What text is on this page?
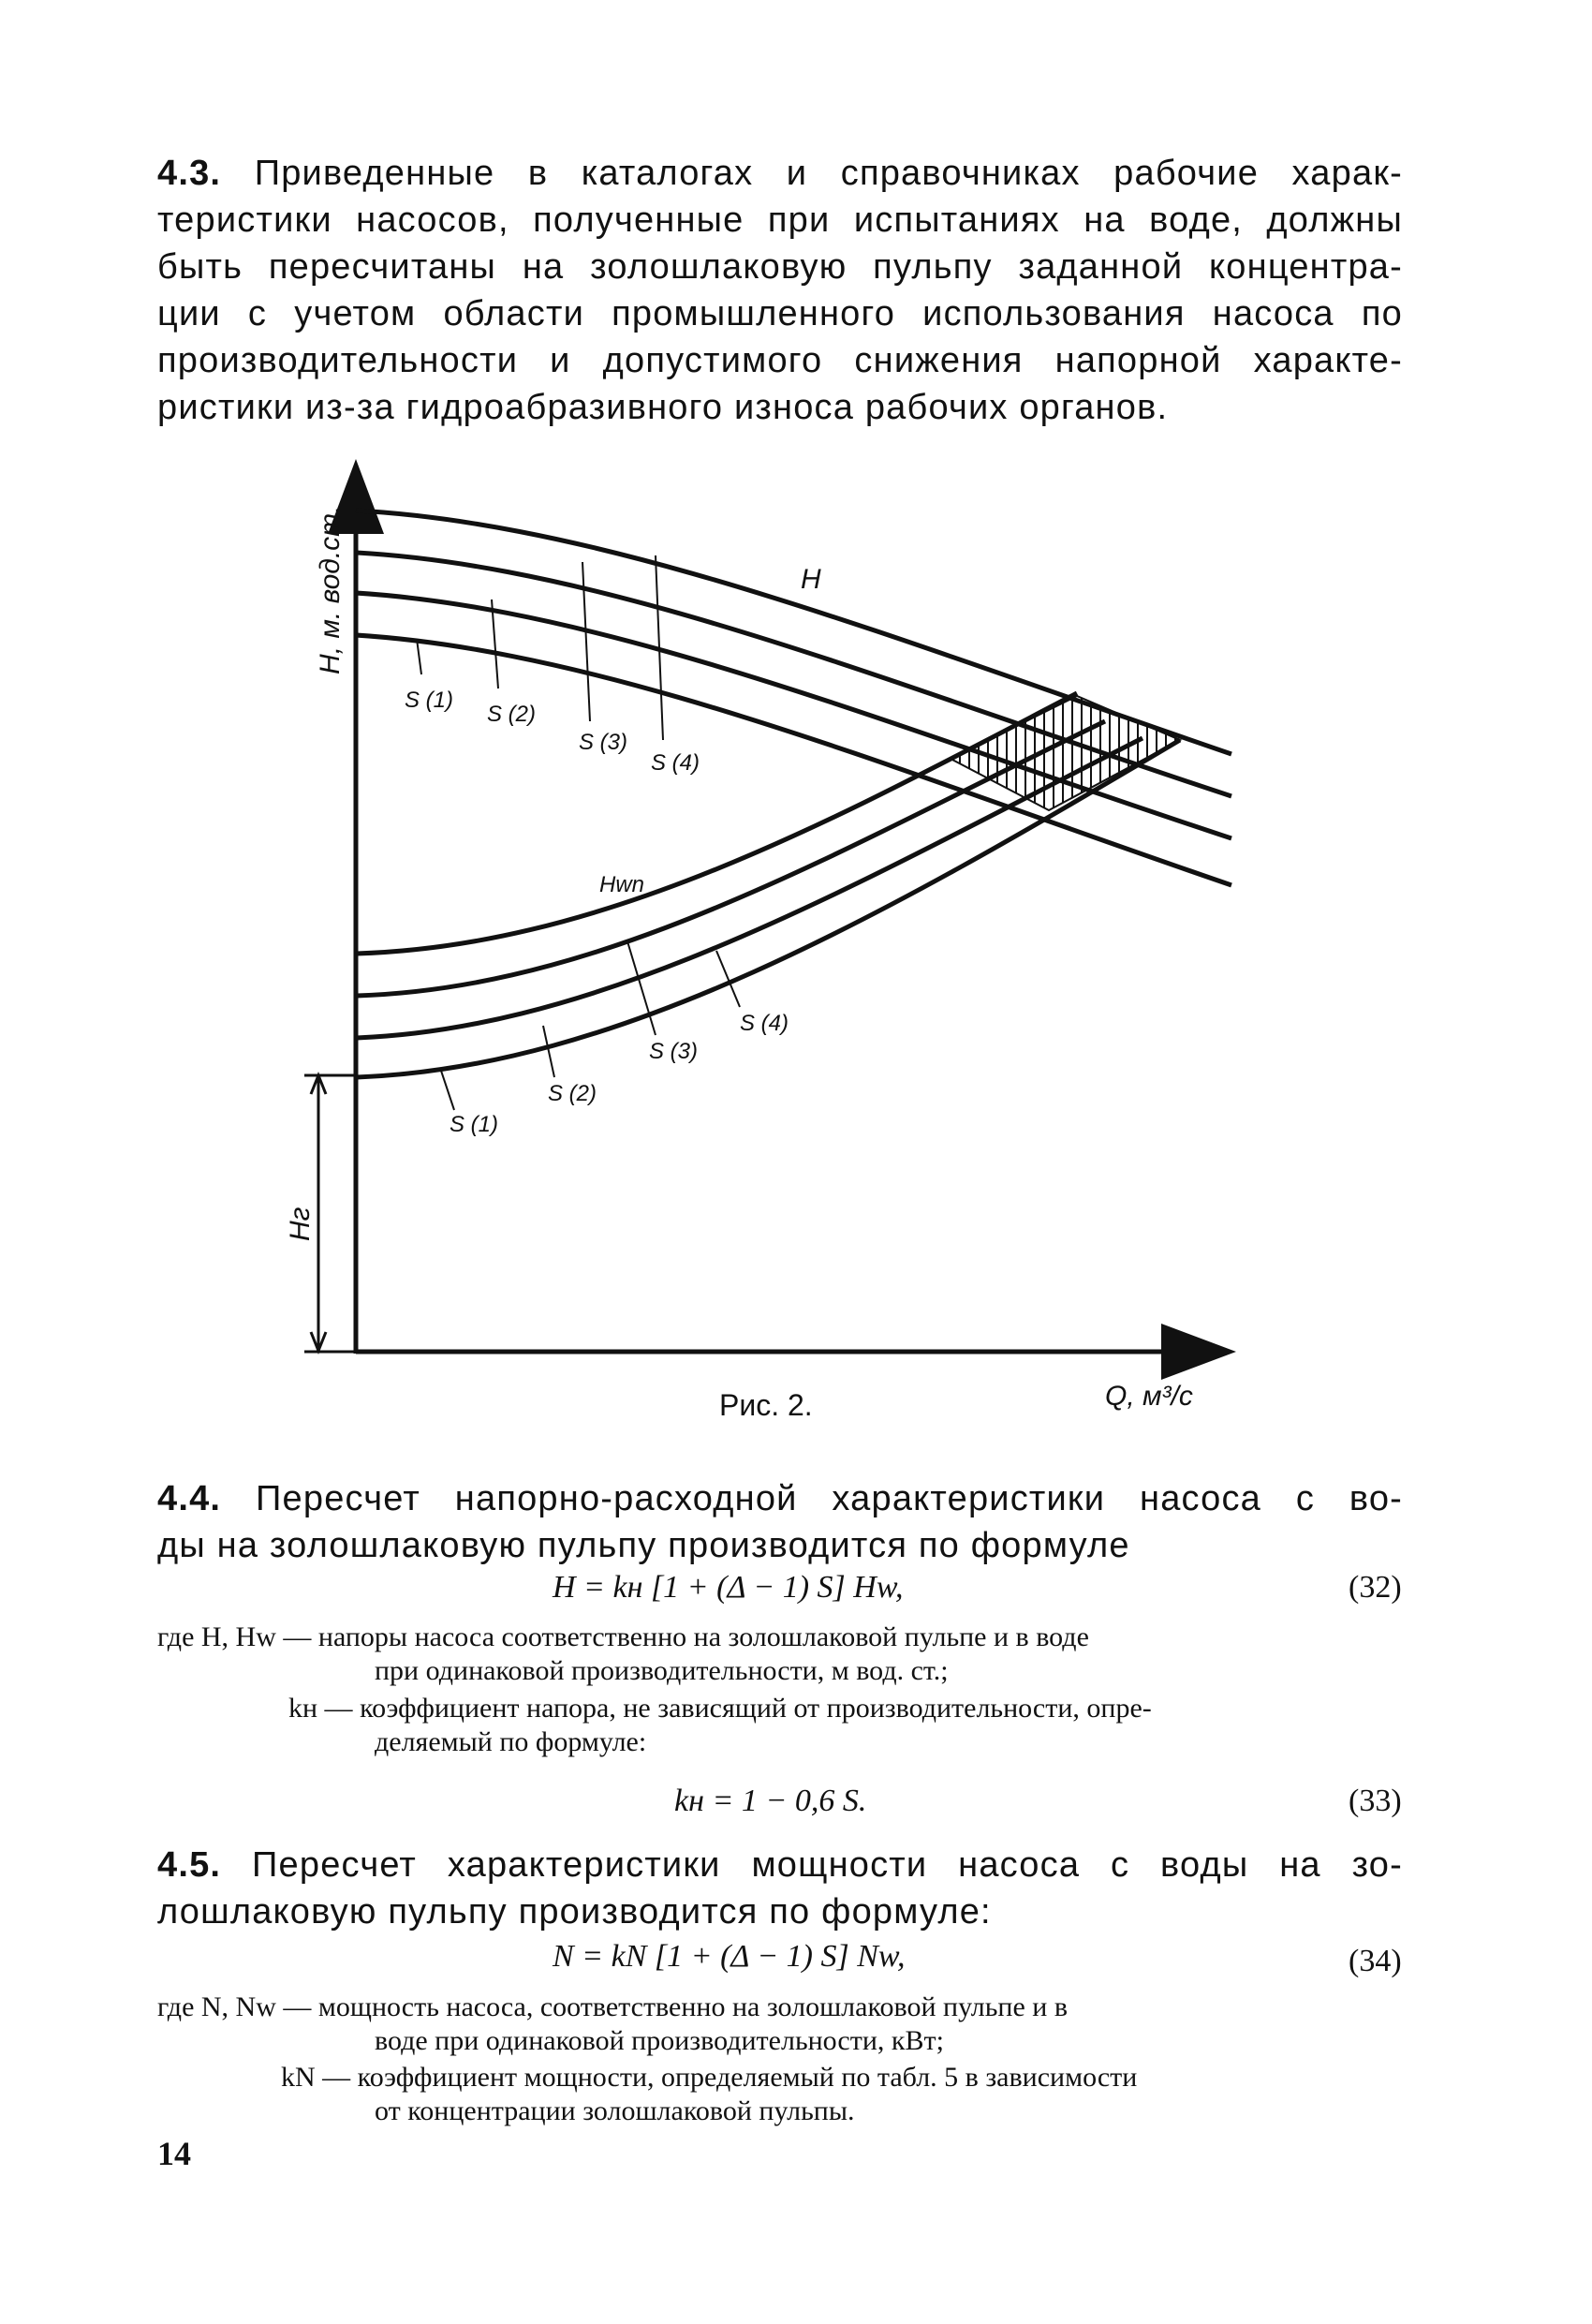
4.3. Приведенные в каталогах и справочниках рабочие харак-
теристики насосов, полученные при испытаниях на воде, должны
быть пересчитаны на золошлаковую пульпу заданной концентра-
ции с учетом области промышленного использования насоса по
производительности и допустимого снижения напорной характе-
ристики из-за гидроабразивного износа рабочих органов.
H, м. вод.ст.
Q, м³/с
Hг
H
Hwn
S (1)
S (2)
S (3)
S (4)
S (1)
S (2)
S (3)
S (4)
Рис. 2.
4.4. Пересчет напорно-расходной характеристики насоса с во-
ды на золошлаковую пульпу производится по формуле
H = kн [1 + (Δ − 1) S] Hw,	(32)
где H, Hw — напоры насоса соответственно на золошлаковой пульпе и в воде
при одинаковой производительности, м вод. ст.;
kн — коэффициент напора, не зависящий от производительности, опре-
деляемый по формуле:
kн = 1 − 0,6 S.	(33)
4.5. Пересчет характеристики мощности насоса с воды на зо-
лошлаковую пульпу производится по формуле:
N = kN [1 + (Δ − 1) S] Nw,	(34)
где N, Nw — мощность насоса, соответственно на золошлаковой пульпе и в
воде при одинаковой производительности, кВт;
kN — коэффициент мощности, определяемый по табл. 5 в зависимости
от концентрации золошлаковой пульпы.
14
